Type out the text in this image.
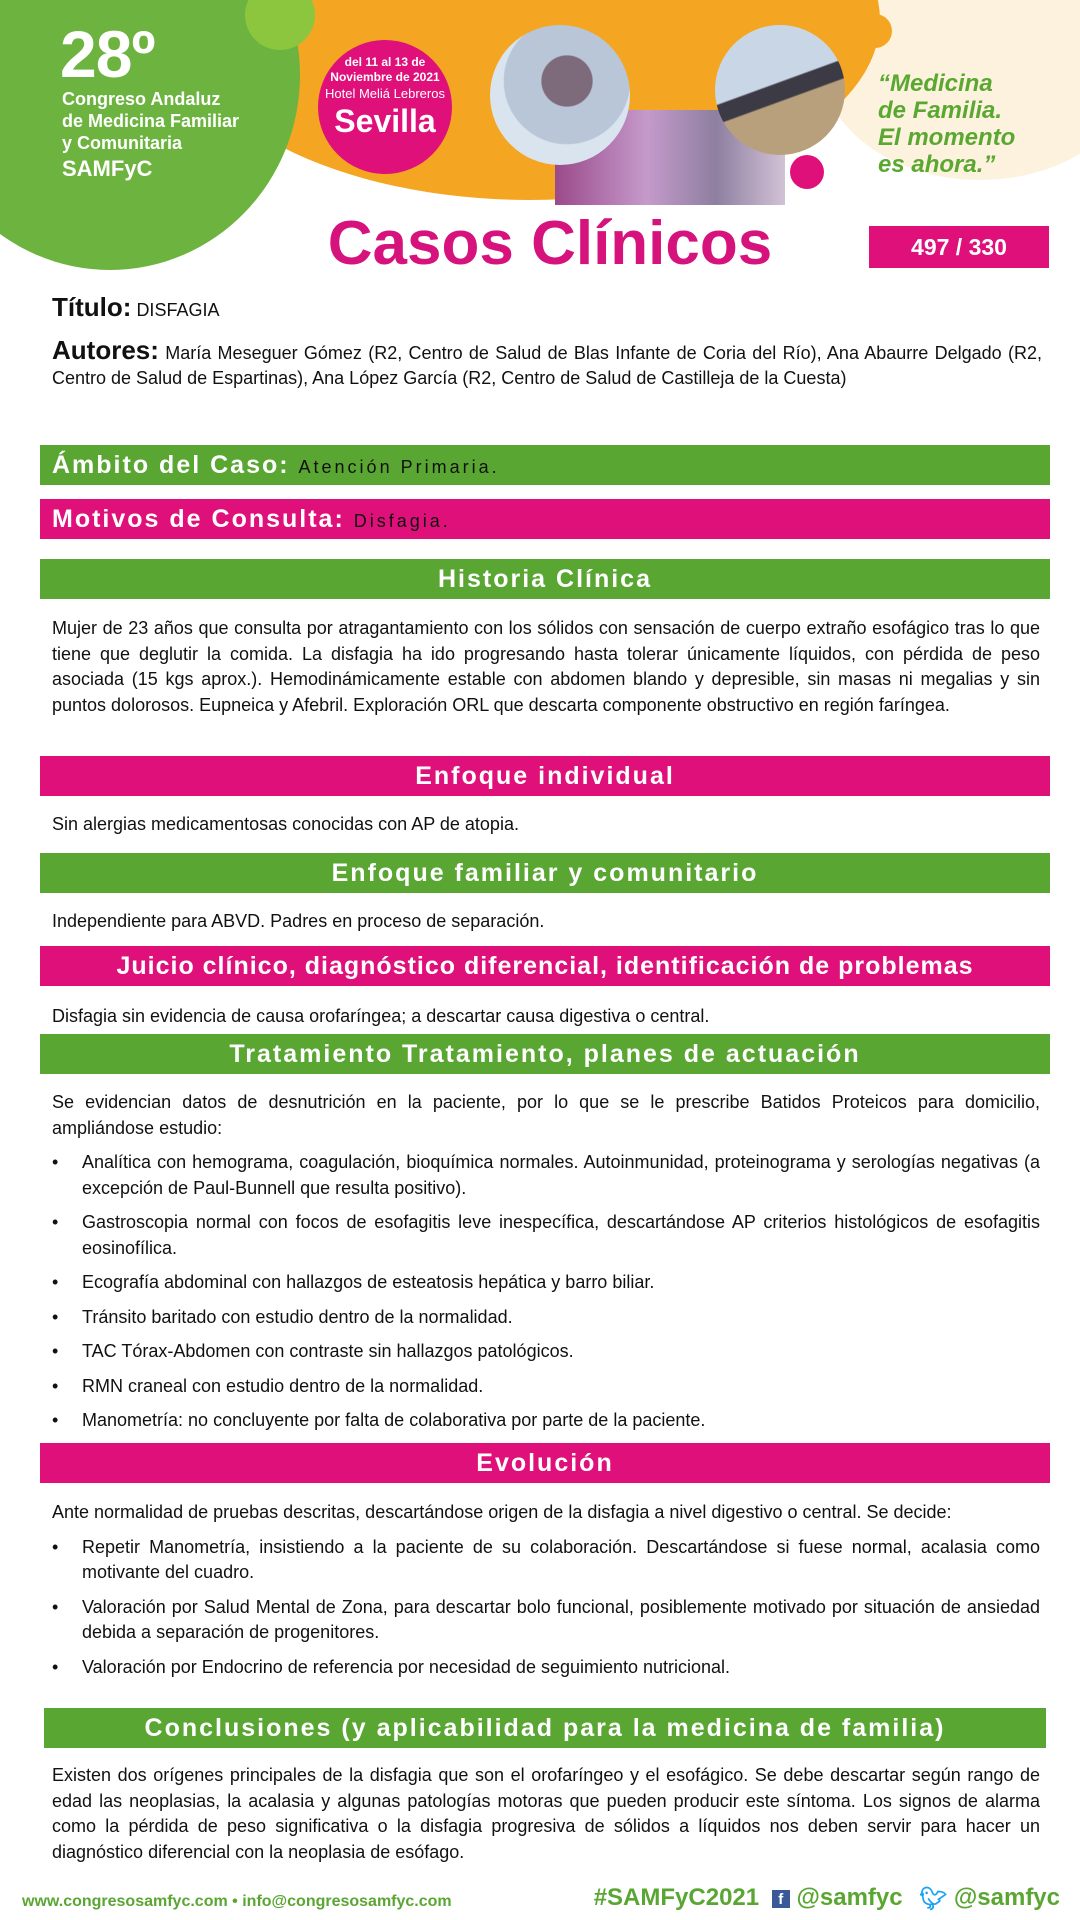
28º
Congreso Andaluz
de Medicina Familiar
y Comunitaria
SAMFyC
del 11 al 13 de
Noviembre de 2021
Hotel Meliá Lebreros
Sevilla
“Medicina
de Familia.
El momento
es ahora.”
Casos Clínicos	497 / 330
Título: DISFAGIA
Autores: María Meseguer Gómez (R2, Centro de Salud de Blas Infante de Coria del Río), Ana Abaurre Delgado (R2, Centro de Salud de Espartinas), Ana López García (R2, Centro de Salud de Castilleja de la Cuesta)
Ámbito del Caso: Atención Primaria.
Motivos de Consulta: Disfagia.
Historia Clínica
Mujer de 23 años que consulta por atragantamiento con los sólidos con sensación de cuerpo extraño esofágico tras lo que tiene que deglutir la comida. La disfagia ha ido progresando hasta tolerar únicamente líquidos, con pérdida de peso asociada (15 kgs aprox.). Hemodinámicamente estable con abdomen blando y depresible, sin masas ni megalias y sin puntos dolorosos. Eupneica y Afebril. Exploración ORL que descarta componente obstructivo en región faríngea.
Enfoque individual
Sin alergias medicamentosas conocidas con AP de atopia.
Enfoque familiar y comunitario
Independiente para ABVD. Padres en proceso de separación.
Juicio clínico, diagnóstico diferencial, identificación de problemas
Disfagia sin evidencia de causa orofaríngea; a descartar causa digestiva o central.
Tratamiento Tratamiento, planes de actuación
Se evidencian datos de desnutrición en la paciente, por lo que se le prescribe Batidos Proteicos para domicilio, ampliándose estudio:
• Analítica con hemograma, coagulación, bioquímica normales. Autoinmunidad, proteinograma y serologías negativas (a excepción de Paul-Bunnell que resulta positivo).
• Gastroscopia normal con focos de esofagitis leve inespecífica, descartándose AP criterios histológicos de esofagitis eosinofílica.
• Ecografía abdominal con hallazgos de esteatosis hepática y barro biliar.
• Tránsito baritado con estudio dentro de la normalidad.
• TAC Tórax-Abdomen con contraste sin hallazgos patológicos.
• RMN craneal con estudio dentro de la normalidad.
• Manometría: no concluyente por falta de colaborativa por parte de la paciente.
Evolución
Ante normalidad de pruebas descritas, descartándose origen de la disfagia a nivel digestivo o central. Se decide:
• Repetir Manometría, insistiendo a la paciente de su colaboración. Descartándose si fuese normal, acalasia como motivante del cuadro.
• Valoración por Salud Mental de Zona, para descartar bolo funcional, posiblemente motivado por situación de ansiedad debida a separación de progenitores.
• Valoración por Endocrino de referencia por necesidad de seguimiento nutricional.
Conclusiones (y aplicabilidad para la medicina de familia)
Existen dos orígenes principales de la disfagia que son el orofaríngeo y el esofágico. Se debe descartar según rango de edad las neoplasias, la acalasia y algunas patologías motoras que pueden producir este síntoma. Los signos de alarma como la pérdida de peso significativa o la disfagia progresiva de sólidos a líquidos nos deben servir para hacer un diagnóstico diferencial con la neoplasia de esófago.
www.congresosamfyc.com • info@congresosamfyc.com	#SAMFyC2021 f @samfyc 🐦︎ @samfyc
